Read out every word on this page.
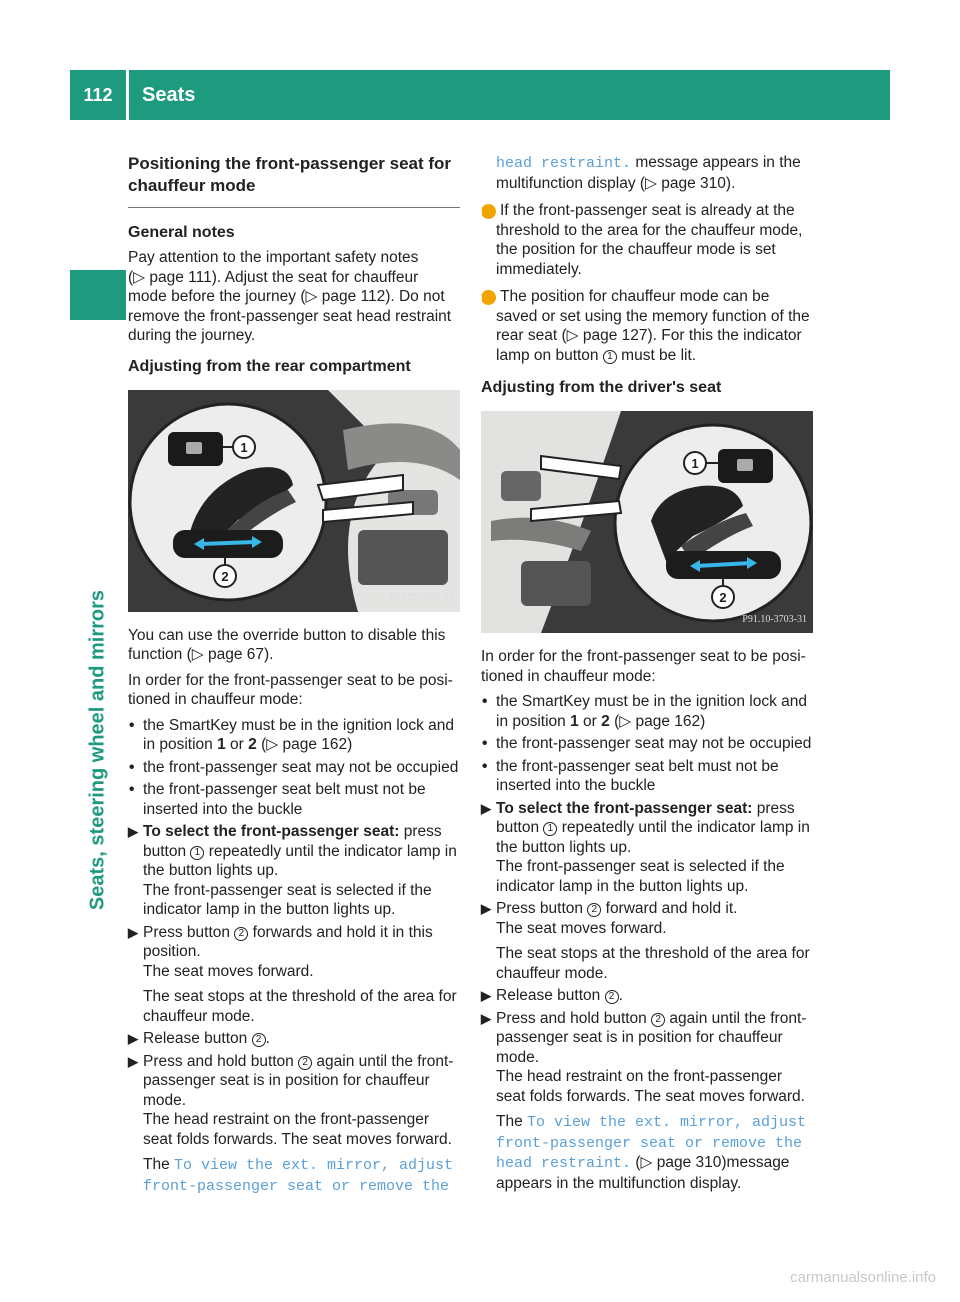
112	Seats
Seats, steering wheel and mirrors
Positioning the front-passenger seat for chauffeur mode
General notes

Pay attention to the important safety notes
(▷ page 111). Adjust the seat for chauffeur
mode before the journey (▷ page 112). Do not
remove the front-passenger seat head restraint
during the journey.

Adjusting from the rear compartment
1
2
P54.25-9270-31

You can use the override button to disable this function (▷ page 67).

In order for the front-passenger seat to be posi-tioned in chauffeur mode:

• the SmartKey must be in the ignition lock and in position 1 or 2 (▷ page 162)
• the front-passenger seat may not be occupied
• the front-passenger seat belt must not be inserted into the buckle
▶ To select the front-passenger seat: press button 1 repeatedly until the indicator lamp in the button lights up.
The front-passenger seat is selected if the indicator lamp in the button lights up.
▶ Press button 2 forwards and hold it in this position.
The seat moves forward.
The seat stops at the threshold of the area for chauffeur mode.
▶ Release button 2 .
▶ Press and hold button 2 again until the front-passenger seat is in position for chauffeur mode.
The head restraint on the front-passenger seat folds forwards. The seat moves forward.
The To view the ext. mirror, adjust front-passenger seat or remove the

head restraint. message appears in the multifunction display (▷ page 310).

i If the front-passenger seat is already at the threshold to the area for the chauffeur mode, the position for the chauffeur mode is set immediately.

i The position for chauffeur mode can be saved or set using the memory function of the rear seat (▷ page 127). For this the indicator lamp on button 1 must be lit.

Adjusting from the driver's seat
1
2
P91.10-3703-31

In order for the front-passenger seat to be posi-tioned in chauffeur mode:

• the SmartKey must be in the ignition lock and in position 1 or 2 (▷ page 162)
• the front-passenger seat may not be occupied
• the front-passenger seat belt must not be inserted into the buckle
▶ To select the front-passenger seat: press button 1 repeatedly until the indicator lamp in the button lights up.
The front-passenger seat is selected if the indicator lamp in the button lights up.
▶ Press button 2 forward and hold it.
The seat moves forward.
The seat stops at the threshold of the area for chauffeur mode.
▶ Release button 2 .
▶ Press and hold button 2 again until the front-passenger seat is in position for chauffeur mode.
The head restraint on the front-passenger seat folds forwards. The seat moves forward.
The To view the ext. mirror, adjust front-passenger seat or remove the head restraint. (▷ page 310)message appears in the multifunction display.
carmanualsonline.info
